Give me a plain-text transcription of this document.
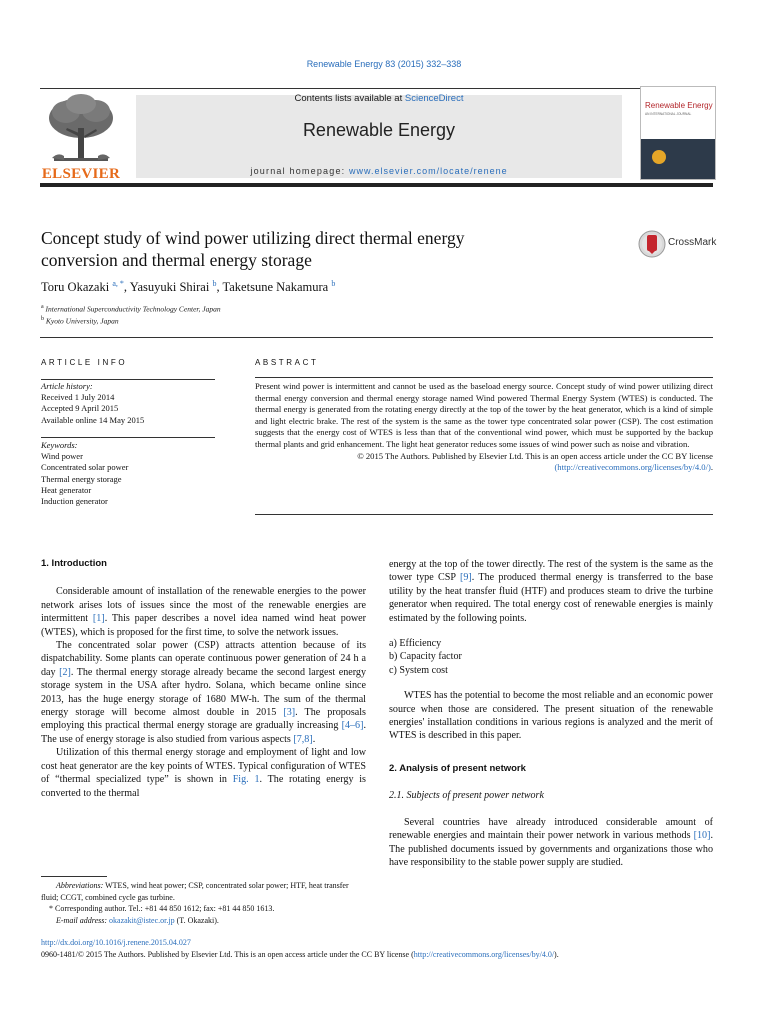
Renewable Energy 83 (2015) 332–338
ELSEVIER
Contents lists available at ScienceDirect
Renewable Energy
journal homepage: www.elsevier.com/locate/renene
Renewable Energy
AN INTERNATIONAL JOURNAL
Concept study of wind power utilizing direct thermal energy
conversion and thermal energy storage
CrossMark
Toru Okazaki $^{a, *}$, Yasuyuki Shirai $^b$, Taketsune Nakamura $^b$
$^a$ International Superconductivity Technology Center, Japan
$^b$ Kyoto University, Japan
ARTICLE INFO
Article history:
Received 1 July 2014
Accepted 9 April 2015
Available online 14 May 2015
Keywords:
Wind power
Concentrated solar power
Thermal energy storage
Heat generator
Induction generator
ABSTRACT
Present wind power is intermittent and cannot be used as the baseload energy source. Concept study of wind power utilizing direct thermal energy conversion and thermal energy storage named Wind powered Thermal Energy System (WTES) is conducted. The thermal energy is generated from the rotating energy directly at the top of the tower by the heat generator, which is a kind of simple and light electric brake. The rest of the system is the same as the tower type concentrated solar power (CSP). The cost estimation suggests that the energy cost of WTES is less than that of the conventional wind power, which must be supported by the backup thermal plants and grid enhancement. The light heat generator reduces some issues of wind power such as noise and vibration.
© 2015 The Authors. Published by Elsevier Ltd. This is an open access article under the CC BY license (http://creativecommons.org/licenses/by/4.0/).
1. Introduction

Considerable amount of installation of the renewable energies to the power network arises lots of issues since the most of the renewable energies are intermittent [1]. This paper describes a novel idea named wind heat power (WTES), which is proposed for the first time, to solve the network issues.

The concentrated solar power (CSP) attracts attention because of its dispatchability. Some plants can operate continuous power generation of 24 h a day [2]. The thermal energy storage already became the second largest energy storage system in the USA after hydro. Solana, which became online since 2013, has the huge energy storage of 1680 MW-h. The sum of the thermal energy storage will become almost double in 2015 [3]. The proposals employing this practical thermal energy storage are gradually increasing [4–6]. The use of energy storage is also studied from various aspects [7,8].

Utilization of this thermal energy storage and employment of light and low cost heat generator are the key points of WTES. Typical configuration of WTES of “thermal specialized type” is shown in Fig. 1. The rotating energy is converted to the thermal

energy at the top of the tower directly. The rest of the system is the same as the tower type CSP [9]. The produced thermal energy is transferred to the base utility by the heat transfer fluid (HTF) and produces steam to drive the turbine generator when required. The total energy cost of renewable energies is mainly estimated by the following points.

a) Efficiency
b) Capacity factor
c) System cost

WTES has the potential to become the most reliable and an economic power source when those are considered. The present situation of the renewable energies' installation conditions in various regions is analyzed and the merit of WTES is described in this paper.

2. Analysis of present network
2.1. Subjects of present power network

Several countries have already introduced considerable amount of renewable energies and maintain their power network in various methods [10]. The published documents issued by governments and organizations those who have responsibility to the stable power supply are studied.

Abbreviations: WTES, wind heat power; CSP, concentrated solar power; HTF, heat transfer fluid; CCGT, combined cycle gas turbine.
* Corresponding author. Tel.: +81 44 850 1612; fax: +81 44 850 1613.
E-mail address: okazakit@istec.or.jp (T. Okazaki).
http://dx.doi.org/10.1016/j.renene.2015.04.027
0960-1481/© 2015 The Authors. Published by Elsevier Ltd. This is an open access article under the CC BY license (http://creativecommons.org/licenses/by/4.0/).
